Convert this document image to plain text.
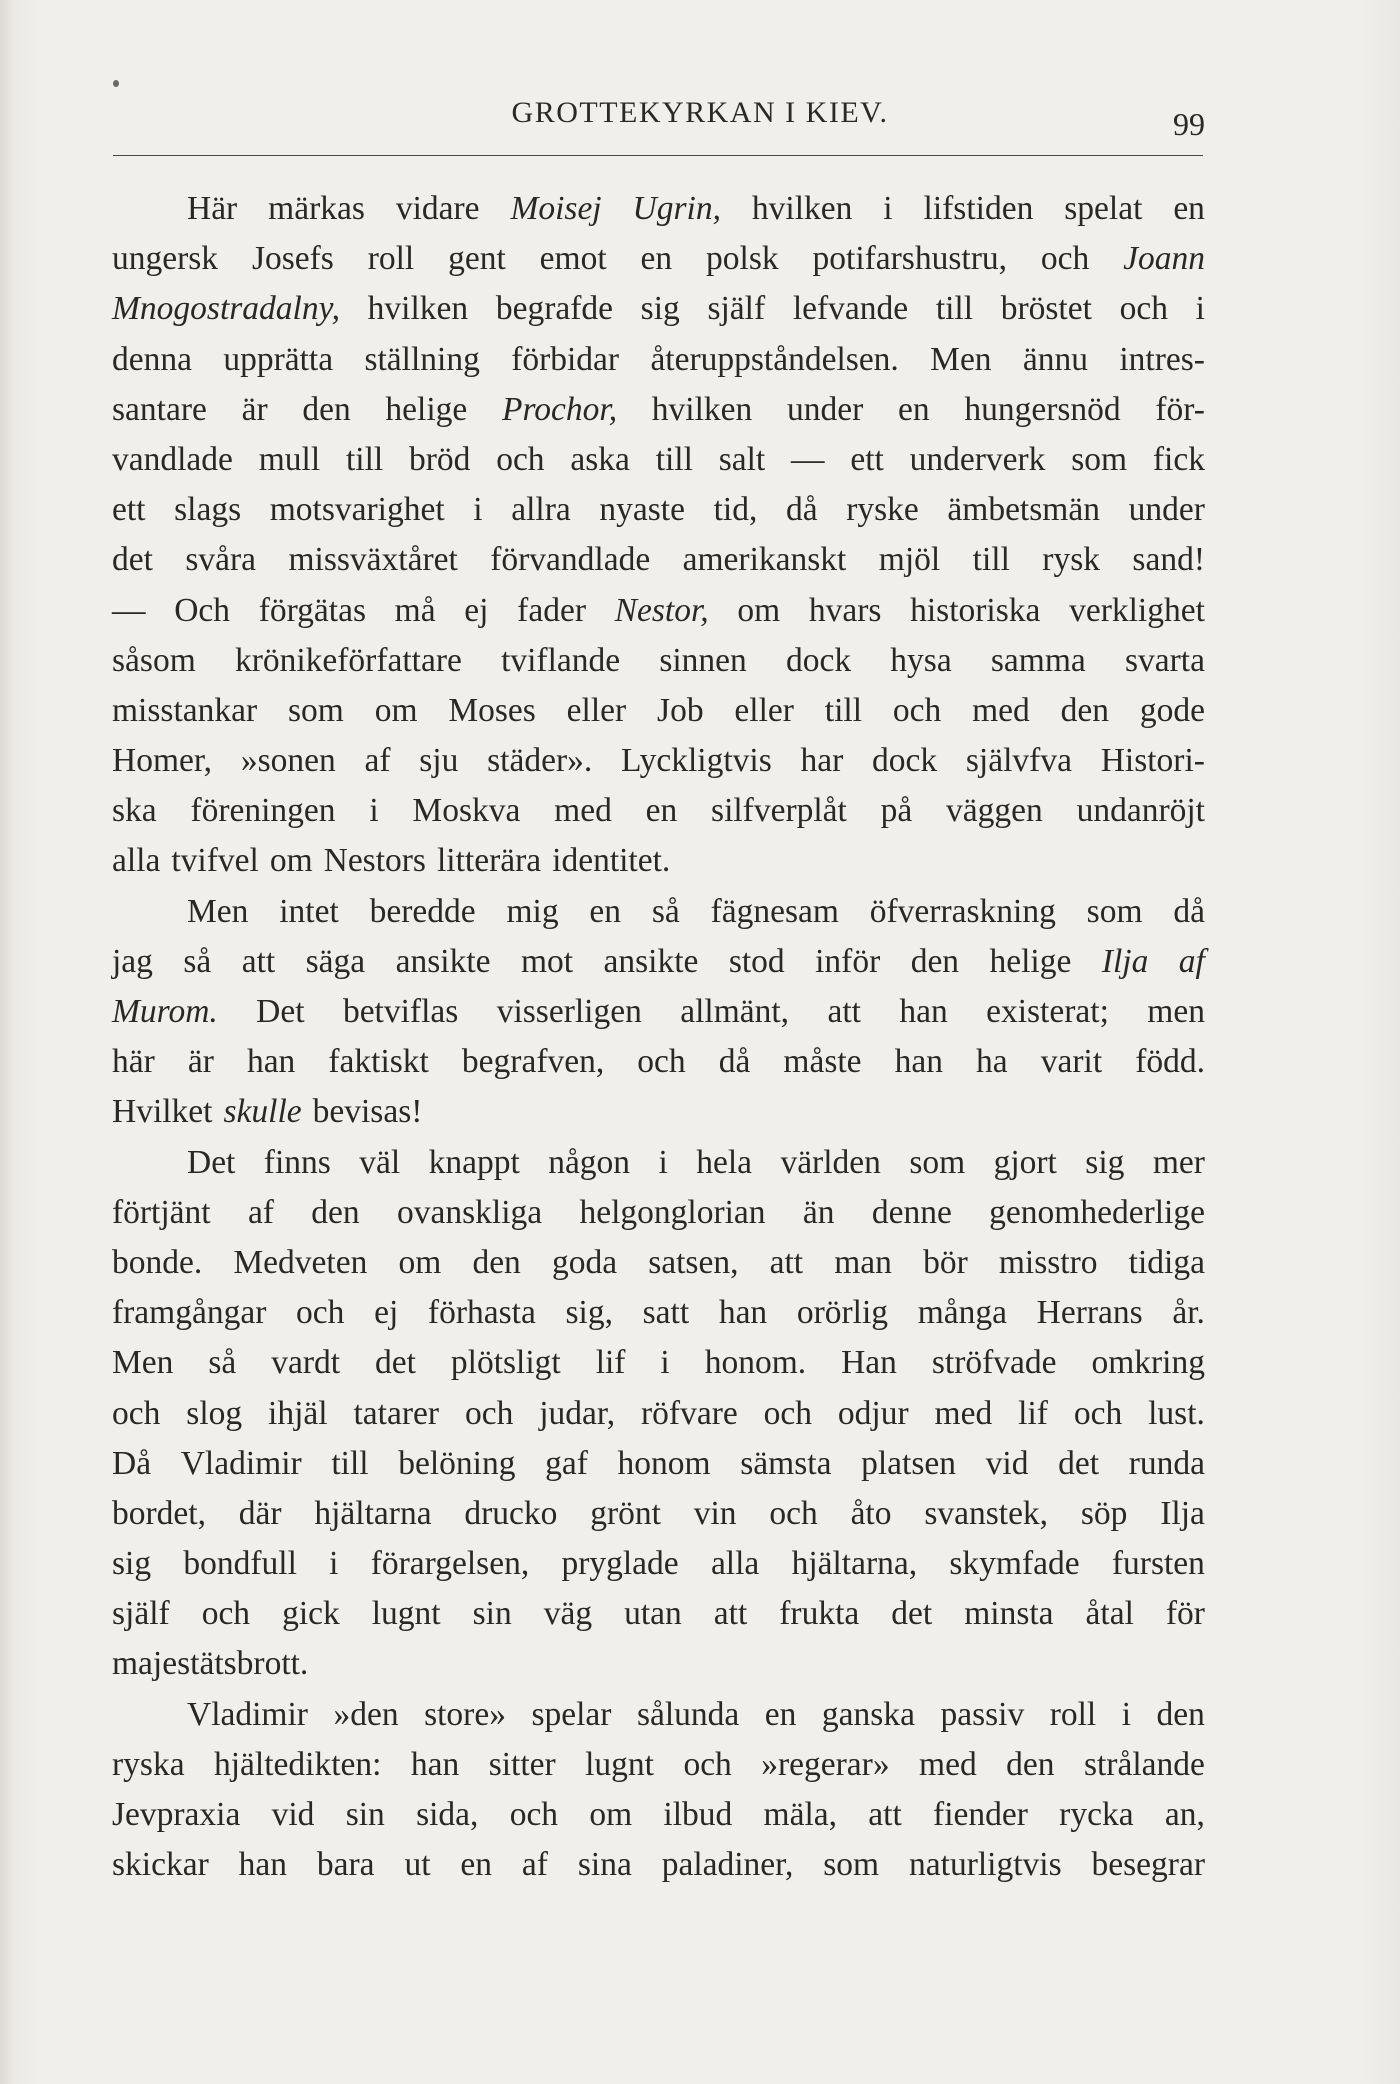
GROTTEKYRKAN I KIEV.	99
Här märkas vidare Moisej Ugrin, hvilken i lifstiden spelat en
ungersk Josefs roll gent emot en polsk potifarshustru, och Joann
Mnogostradalny, hvilken begrafde sig själf lefvande till bröstet och i
denna upprätta ställning förbidar återuppståndelsen. Men ännu intres-
santare är den helige Prochor, hvilken under en hungersnöd för-
vandlade mull till bröd och aska till salt — ett underverk som fick
ett slags motsvarighet i allra nyaste tid, då ryske ämbetsmän under
det svåra missväxtåret förvandlade amerikanskt mjöl till rysk sand!
— Och förgätas må ej fader Nestor, om hvars historiska verklighet
såsom krönikeförfattare tviflande sinnen dock hysa samma svarta
misstankar som om Moses eller Job eller till och med den gode
Homer, »sonen af sju städer». Lyckligtvis har dock självfva Histori-
ska föreningen i Moskva med en silfverplåt på väggen undanröjt
alla tvifvel om Nestors litterära identitet.
Men intet beredde mig en så fägnesam öfverraskning som då
jag så att säga ansikte mot ansikte stod inför den helige Ilja af
Murom. Det betviflas visserligen allmänt, att han existerat; men
här är han faktiskt begrafven, och då måste han ha varit född.
Hvilket skulle bevisas!
Det finns väl knappt någon i hela världen som gjort sig mer
förtjänt af den ovanskliga helgonglorian än denne genomhederlige
bonde. Medveten om den goda satsen, att man bör misstro tidiga
framgångar och ej förhasta sig, satt han orörlig många Herrans år.
Men så vardt det plötsligt lif i honom. Han ströfvade omkring
och slog ihjäl tatarer och judar, röfvare och odjur med lif och lust.
Då Vladimir till belöning gaf honom sämsta platsen vid det runda
bordet, där hjältarna drucko grönt vin och åto svanstek, söp Ilja
sig bondfull i förargelsen, pryglade alla hjältarna, skymfade fursten
själf och gick lugnt sin väg utan att frukta det minsta åtal för
majestätsbrott.
Vladimir »den store» spelar sålunda en ganska passiv roll i den
ryska hjältedikten: han sitter lugnt och »regerar» med den strålande
Jevpraxia vid sin sida, och om ilbud mäla, att fiender rycka an,
skickar han bara ut en af sina paladiner, som naturligtvis besegrar
